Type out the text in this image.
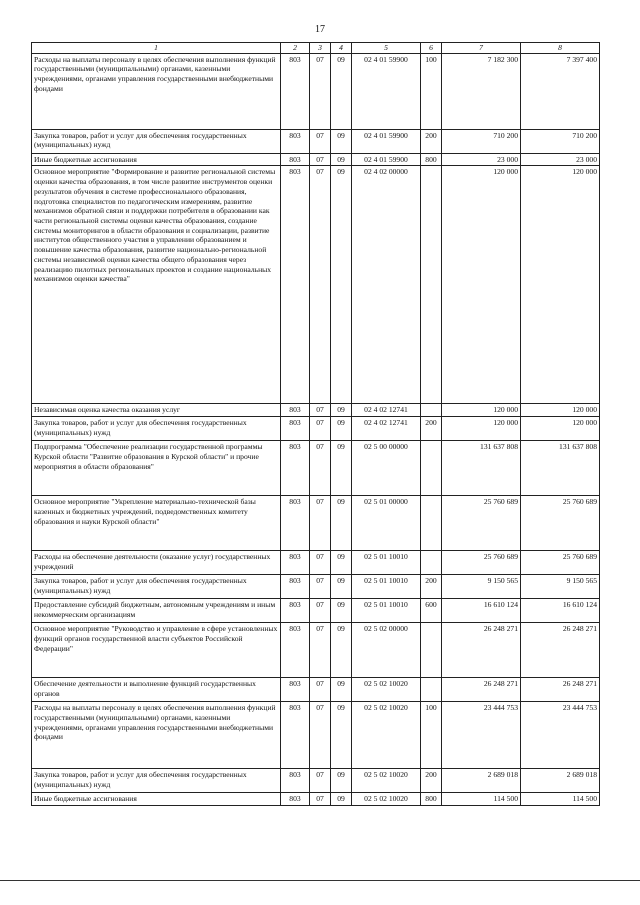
17
1	2	3	4	5	6	7	8
Расходы на выплаты персоналу в целях обеспечения выполнения функций государственными (муниципальными) органами, казенными учреждениями, органами управления государственными внебюджетными фондами	803	07	09	02 4 01 59900	100	7 182 300	7 397 400
Закупка товаров, работ и услуг для обеспечения государственных (муниципальных) нужд	803	07	09	02 4 01 59900	200	710 200	710 200
Иные бюджетные ассигнования	803	07	09	02 4 01 59900	800	23 000	23 000
Основное мероприятие "Формирование и развитие региональной системы оценки качества образования, в том числе развитие инструментов оценки результатов обучения в системе профессионального образования, подготовка специалистов по педагогическим измерениям, развитие механизмов обратной связи и поддержки потребителя в образовании как части региональной системы оценки качества образования, создание системы мониторингов в области образования и социализации, развитие институтов общественного участия в управлении образованием и повышение качества образования, развитие национально-региональной системы независимой оценки качества общего образования через реализацию пилотных региональных проектов и создание национальных механизмов оценки качества"	803	07	09	02 4 02 00000		120 000	120 000
Независимая оценка качества оказания услуг	803	07	09	02 4 02 12741		120 000	120 000
Закупка товаров, работ и услуг для обеспечения государственных (муниципальных) нужд	803	07	09	02 4 02 12741	200	120 000	120 000
Подпрограмма "Обеспечение реализации государственной программы Курской области "Развитие образования в Курской области" и прочие мероприятия в области образования"	803	07	09	02 5 00 00000		131 637 808	131 637 808
Основное мероприятие "Укрепление материально-технической базы казенных и бюджетных учреждений, подведомственных комитету образования и науки Курской области"	803	07	09	02 5 01 00000		25 760 689	25 760 689
Расходы на обеспечение деятельности (оказание услуг) государственных учреждений	803	07	09	02 5 01 10010		25 760 689	25 760 689
Закупка товаров, работ и услуг для обеспечения государственных (муниципальных) нужд	803	07	09	02 5 01 10010	200	9 150 565	9 150 565
Предоставление субсидий бюджетным, автономным учреждениям и иным некоммерческим организациям	803	07	09	02 5 01 10010	600	16 610 124	16 610 124
Основное мероприятие "Руководство и управление в сфере установленных функций органов государственной власти субъектов Российской Федерации"	803	07	09	02 5 02 00000		26 248 271	26 248 271
Обеспечение деятельности и выполнение функций государственных органов	803	07	09	02 5 02 10020		26 248 271	26 248 271
Расходы на выплаты персоналу в целях обеспечения выполнения функций государственными (муниципальными) органами, казенными учреждениями, органами управления государственными внебюджетными фондами	803	07	09	02 5 02 10020	100	23 444 753	23 444 753
Закупка товаров, работ и услуг для обеспечения государственных (муниципальных) нужд	803	07	09	02 5 02 10020	200	2 689 018	2 689 018
Иные бюджетные ассигнования	803	07	09	02 5 02 10020	800	114 500	114 500
